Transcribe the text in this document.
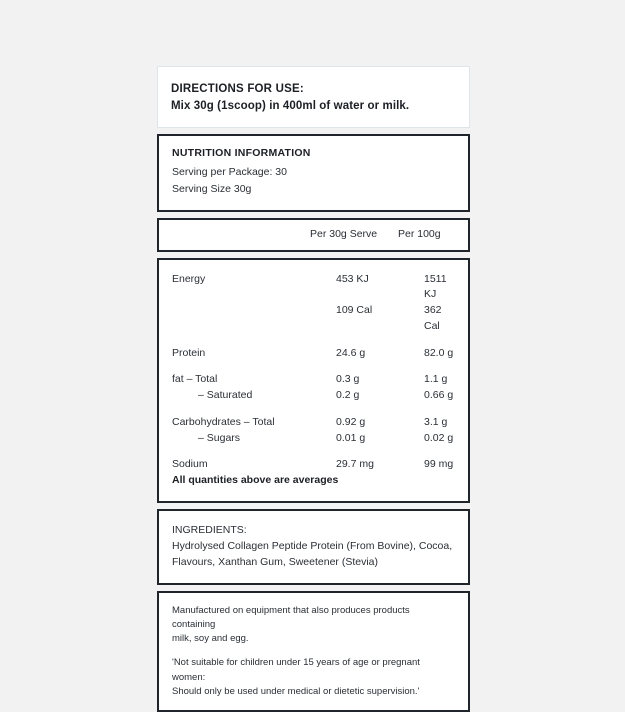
DIRECTIONS FOR USE:
Mix 30g (1scoop) in 400ml of water or milk.
NUTRITION INFORMATION
Serving per Package: 30
Serving Size 30g
	Per 30g Serve	Per 100g
Energy	453 KJ	1511 KJ
	109 Cal	362 Cal

Protein	24.6 g	82.0 g

fat – Total	0.3 g	1.1 g
– Saturated	0.2 g	0.66 g

Carbohydrates – Total	0.92 g	3.1 g
– Sugars	0.01 g	0.02 g

Sodium	29.7 mg	99 mg
All quantities above are averages		
INGREDIENTS:
Hydrolysed Collagen Peptide Protein (From Bovine), Cocoa,
Flavours, Xanthan Gum, Sweetener (Stevia)
Manufactured on equipment that also produces products containing
milk, soy and egg.
'Not suitable for children under 15 years of age or pregnant women:
Should only be used under medical or dietetic supervision.'
